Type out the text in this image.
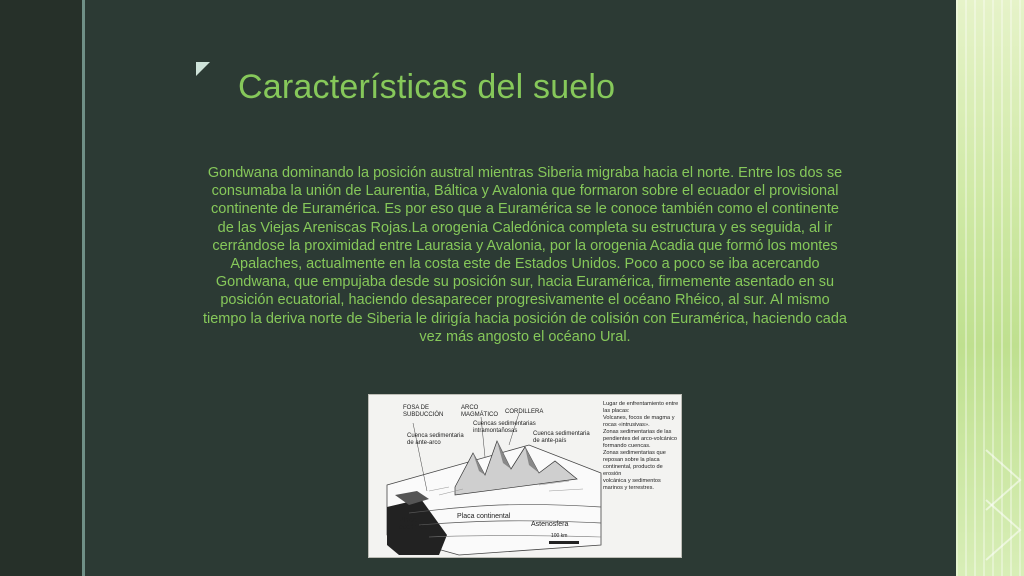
Características del suelo
Gondwana dominando la posición austral mientras Siberia migraba hacia el norte. Entre los dos se consumaba la unión de Laurentia, Báltica y Avalonia que formaron sobre el ecuador el provisional continente de Euramérica. Es por eso que a Euramérica se le conoce también como el continente de las Viejas Areniscas Rojas.La orogenia Caledónica completa su estructura y es seguida, al ir cerrándose la proximidad entre Laurasia y Avalonia, por la orogenia Acadia que formó los montes Apalaches, actualmente en la costa este de Estados Unidos. Poco a poco se iba acercando Gondwana, que empujaba desde su posición sur, hacia Euramérica, firmemente asentado en su posición ecuatorial, haciendo desaparecer progresivamente el océano Rhéico, al sur. Al mismo tiempo la deriva norte de Siberia le dirigía hacia posición de colisión con Euramérica, haciendo cada vez más angosto el océano Ural.
FOSA DE
SUBDUCCIÓN
ARCO
MAGMÁTICO CORDILLERA
Cuenca sedimentaria
de ante-arco
Cuencas sedimentarias
intramontañosas	Cuenca sedimentaria
de ante-país
Placa continental
Astenosfera
Placa
oceánica
100 km
Lugar de enfrentamiento entre
las placas:
Volcanes, focos de magma y
rocas «intrusivas».
Zonas sedimentarias de las
pendientes del arco-volcánico
formando cuencas.
Zonas sedimentarias que
reposan sobre la placa
continental, producto de erosión
volcánica y sedimentos
marinos y terrestres.
